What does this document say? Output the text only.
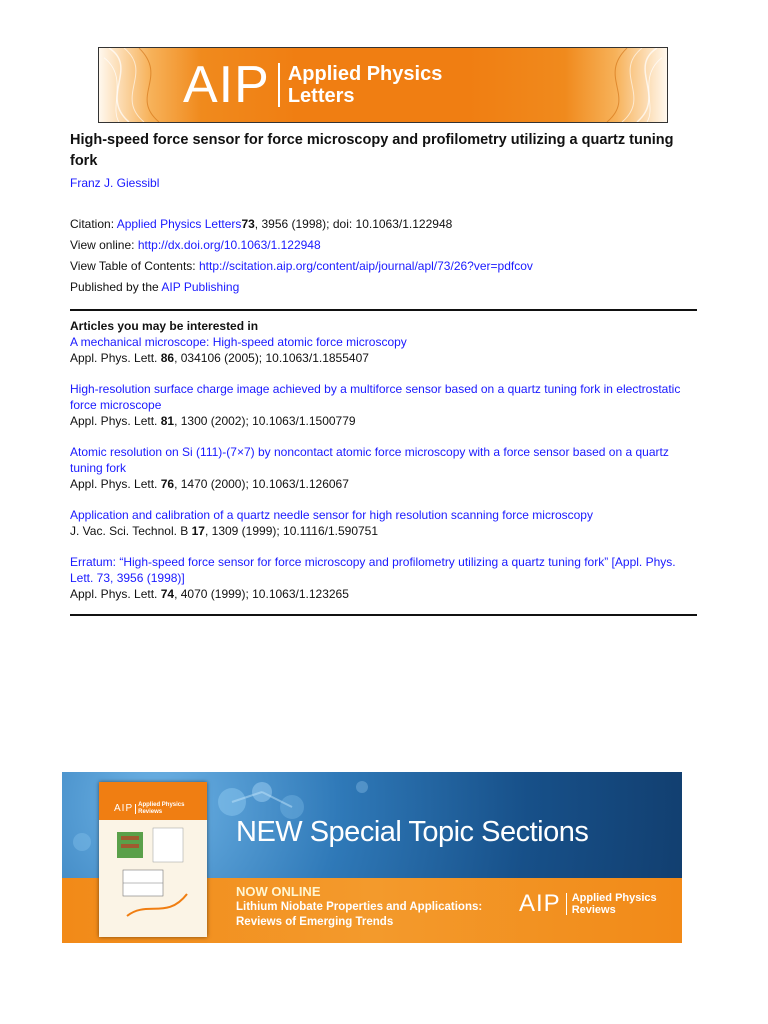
AIP Applied Physics
Letters
High-speed force sensor for force microscopy and profilometry utilizing a quartz tuning fork
Franz J. Giessibl
Citation: Applied Physics Letters73, 3956 (1998); doi: 10.1063/1.122948
View online: http://dx.doi.org/10.1063/1.122948
View Table of Contents: http://scitation.aip.org/content/aip/journal/apl/73/26?ver=pdfcov
Published by the AIP Publishing

Articles you may be interested in

A mechanical microscope: High-speed atomic force microscopy
Appl. Phys. Lett. 86, 034106 (2005); 10.1063/1.1855407
High-resolution surface charge image achieved by a multiforce sensor based on a quartz tuning fork in electrostatic force microscope
Appl. Phys. Lett. 81, 1300 (2002); 10.1063/1.1500779
Atomic resolution on Si (111)-(7×7) by noncontact atomic force microscopy with a force sensor based on a quartz tuning fork
Appl. Phys. Lett. 76, 1470 (2000); 10.1063/1.126067
Application and calibration of a quartz needle sensor for high resolution scanning force microscopy
J. Vac. Sci. Technol. B 17, 1309 (1999); 10.1116/1.590751
Erratum: “High-speed force sensor for force microscopy and profilometry utilizing a quartz tuning fork” [Appl. Phys. Lett. 73, 3956 (1998)]
Appl. Phys. Lett. 74, 4070 (1999); 10.1063/1.123265
AIP Applied Physics
Reviews
NEW Special Topic Sections
NOW ONLINE
Lithium Niobate Properties and Applications:
Reviews of Emerging Trends
AIP Applied Physics
Reviews
